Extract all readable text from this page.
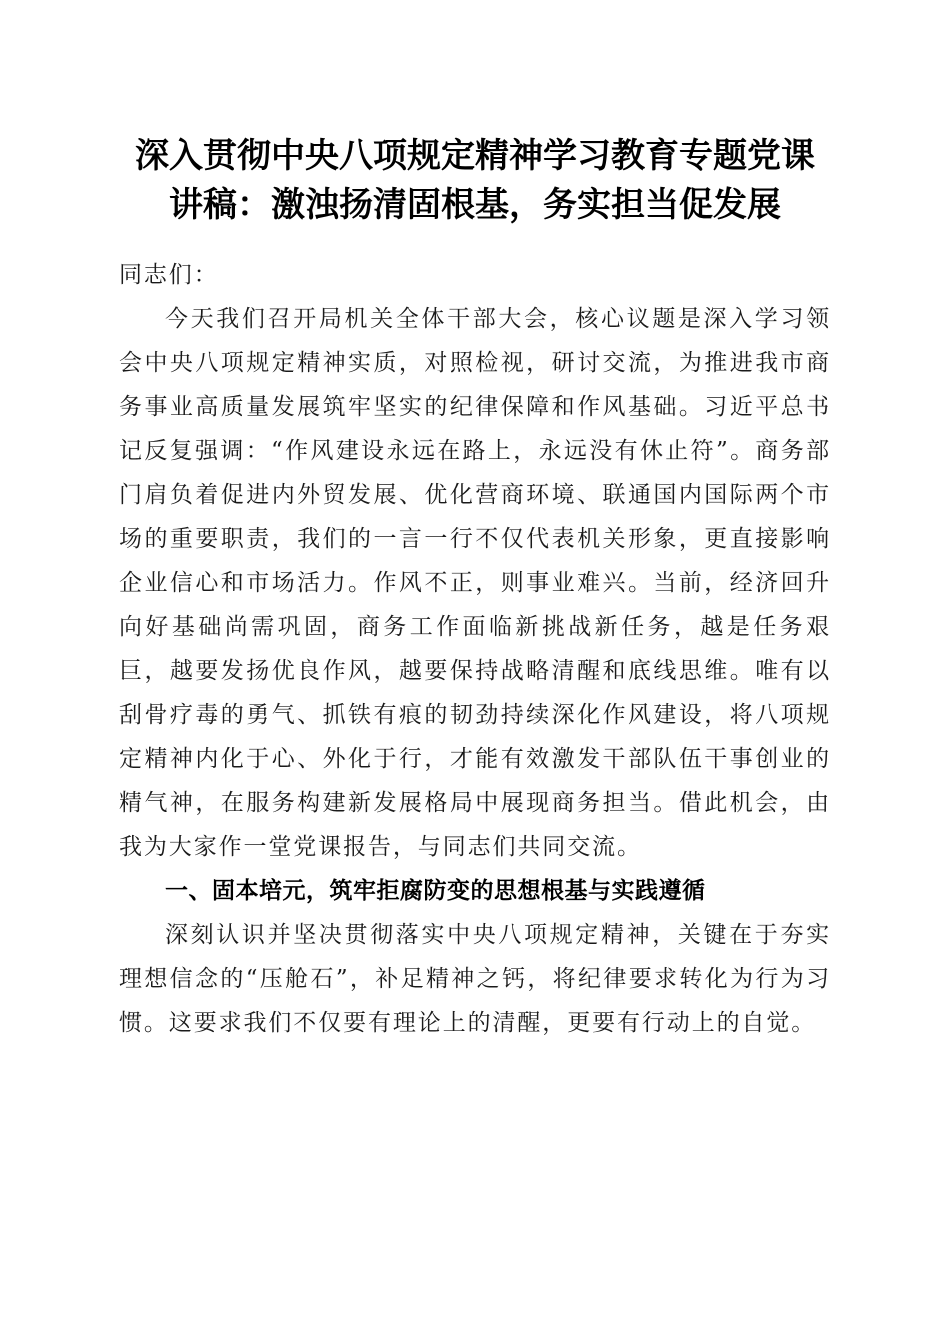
深入贯彻中央八项规定精神学习教育专题党课
讲稿：激浊扬清固根基，务实担当促发展

同志们：

今天我们召开局机关全体干部大会，核心议题是深入学习领会中央八项规定精神实质，对照检视，研讨交流，为推进我市商务事业高质量发展筑牢坚实的纪律保障和作风基础。习近平总书记反复强调：“作风建设永远在路上，永远没有休止符”。商务部门肩负着促进内外贸发展、优化营商环境、联通国内国际两个市场的重要职责，我们的一言一行不仅代表机关形象，更直接影响企业信心和市场活力。作风不正，则事业难兴。当前，经济回升向好基础尚需巩固，商务工作面临新挑战新任务，越是任务艰巨，越要发扬优良作风，越要保持战略清醒和底线思维。唯有以刮骨疗毒的勇气、抓铁有痕的韧劲持续深化作风建设，将八项规定精神内化于心、外化于行，才能有效激发干部队伍干事创业的精气神，在服务构建新发展格局中展现商务担当。借此机会，由我为大家作一堂党课报告，与同志们共同交流。

一、固本培元，筑牢拒腐防变的思想根基与实践遵循

深刻认识并坚决贯彻落实中央八项规定精神，关键在于夯实理想信念的“压舱石”，补足精神之钙，将纪律要求转化为行为习惯。这要求我们不仅要有理论上的清醒，更要有行动上的自觉。
